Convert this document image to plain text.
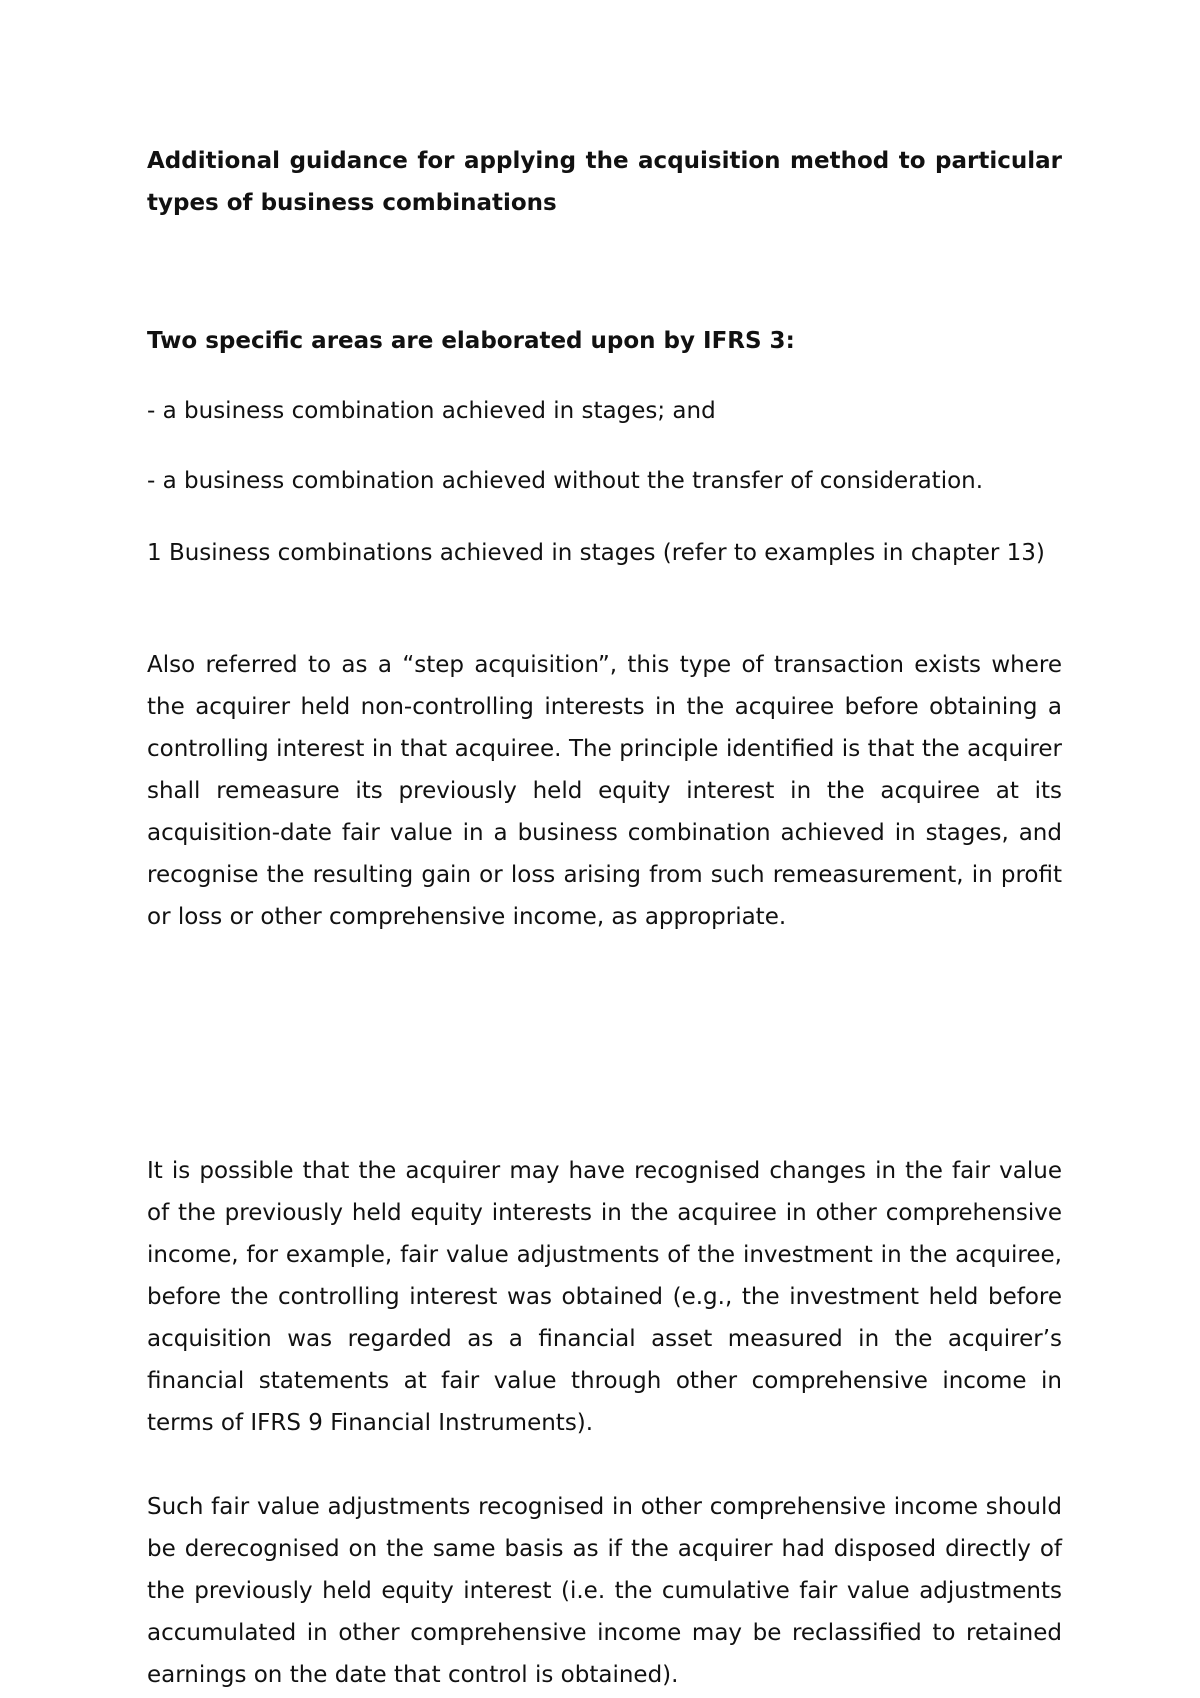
Additional guidance for applying the acquisition method to particular types of business combinations

Two specific areas are elaborated upon by IFRS 3:

- a business combination achieved in stages; and

- a business combination achieved without the transfer of consideration.

1 Business combinations achieved in stages (refer to examples in chapter 13)

Also referred to as a “step acquisition”, this type of transaction exists where the acquirer held non-controlling interests in the acquiree before obtaining a controlling interest in that acquiree. The principle identified is that the acquirer shall remeasure its previously held equity interest in the acquiree at its acquisition-date fair value in a business combination achieved in stages, and recognise the resulting gain or loss arising from such remeasurement, in profit or loss or other comprehensive income, as appropriate.

It is possible that the acquirer may have recognised changes in the fair value of the previously held equity interests in the acquiree in other comprehensive income, for example, fair value adjustments of the investment in the acquiree, before the controlling interest was obtained (e.g., the investment held before acquisition was regarded as a financial asset measured in the acquirer’s financial statements at fair value through other comprehensive income in terms of IFRS 9 Financial Instruments).

Such fair value adjustments recognised in other comprehensive income should be derecognised on the same basis as if the acquirer had disposed directly of the previously held equity interest (i.e. the cumulative fair value adjustments accumulated in other comprehensive income may be reclassified to retained earnings on the date that control is obtained).
